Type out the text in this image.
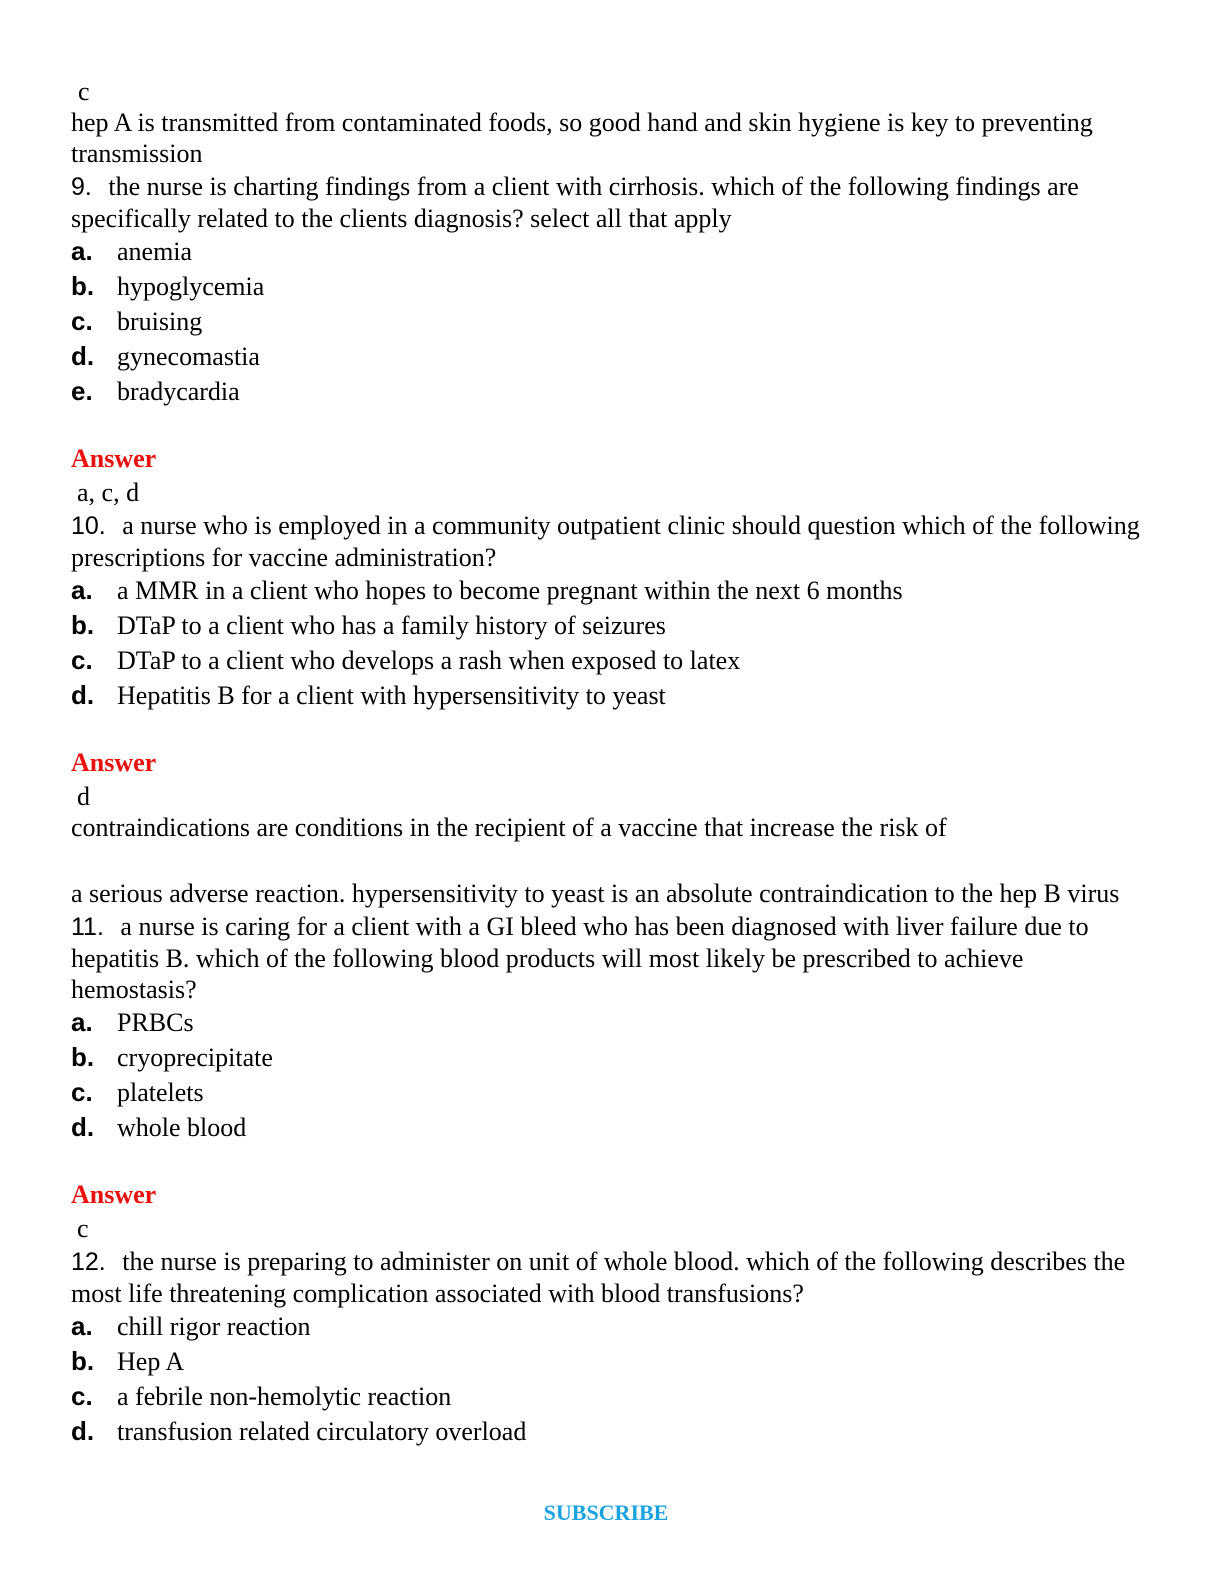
c
hep A is transmitted from contaminated foods, so good hand and skin hygiene is key to preventing transmission
9. the nurse is charting findings from a client with cirrhosis. which of the following findings are specifically related to the clients diagnosis? select all that apply
a. anemia
b. hypoglycemia
c. bruising
d. gynecomastia
e. bradycardia
Answer
a, c, d
10. a nurse who is employed in a community outpatient clinic should question which of the following prescriptions for vaccine administration?
a. a MMR in a client who hopes to become pregnant within the next 6 months
b. DTaP to a client who has a family history of seizures
c. DTaP to a client who develops a rash when exposed to latex
d. Hepatitis B for a client with hypersensitivity to yeast
Answer
d
contraindications are conditions in the recipient of a vaccine that increase the risk of
a serious adverse reaction. hypersensitivity to yeast is an absolute contraindication to the hep B virus
11. a nurse is caring for a client with a GI bleed who has been diagnosed with liver failure due to hepatitis B. which of the following blood products will most likely be prescribed to achieve hemostasis?
a. PRBCs
b. cryoprecipitate
c. platelets
d. whole blood
Answer
c
12. the nurse is preparing to administer on unit of whole blood. which of the following describes the most life threatening complication associated with blood transfusions?
a. chill rigor reaction
b. Hep A
c. a febrile non-hemolytic reaction
d. transfusion related circulatory overload
SUBSCRIBE
